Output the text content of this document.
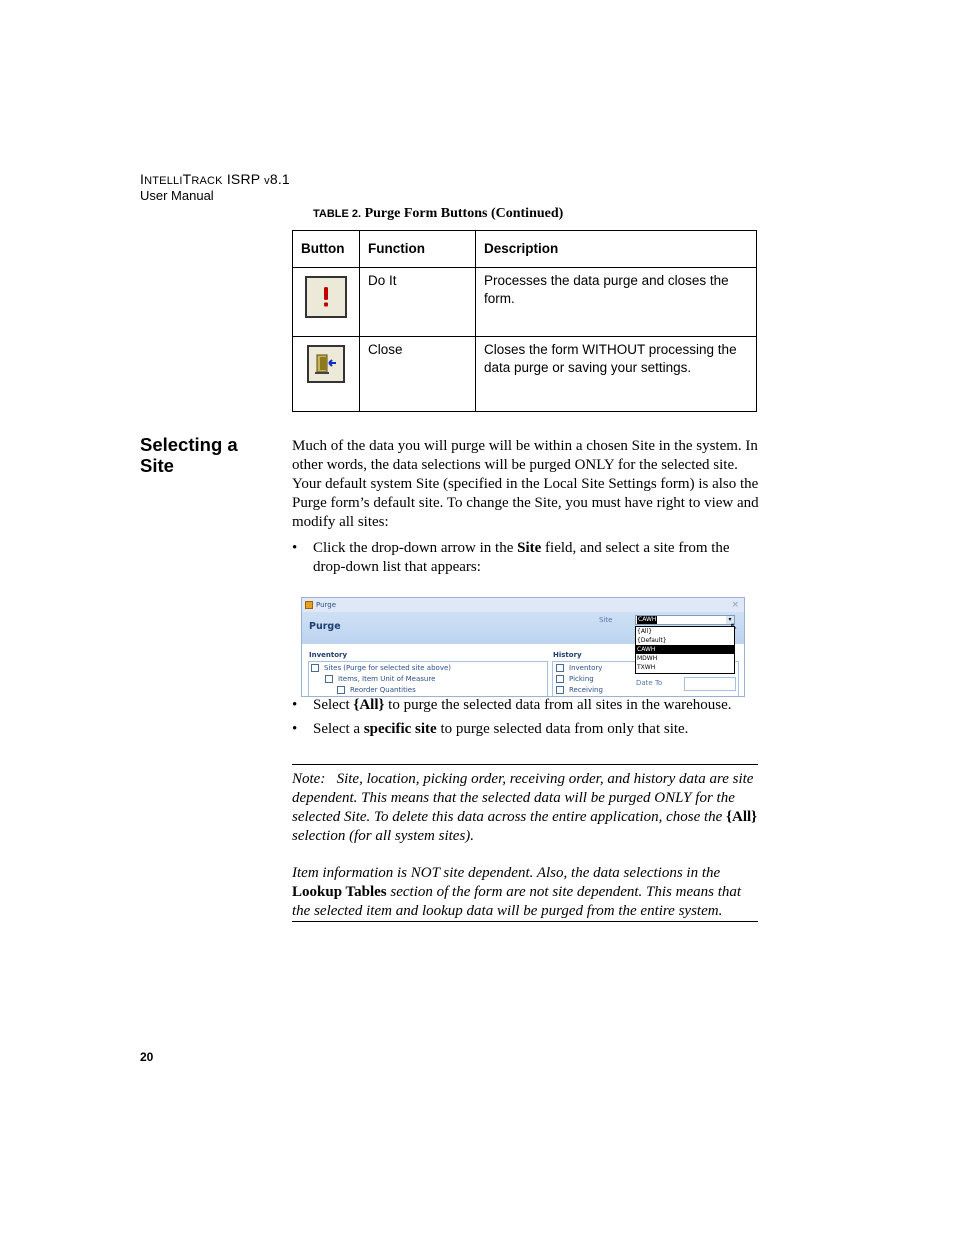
INTELLITRACK ISRP v8.1
User Manual
TABLE 2. Purge Form Buttons (Continued)
Button	Function	Description

	Do It	Processes the data purge and closes the form.

	Close	Closes the form WITHOUT processing the data purge or saving your settings.
Selecting a Site
Much of the data you will purge will be within a chosen Site in the system. In other words, the data selections will be purged ONLY for the selected site. Your default system Site (specified in the Local Site Settings form) is also the Purge form’s default site. To change the Site, you must have right to view and modify all sites:
• Click the drop-down arrow in the Site field, and select a site from the drop-down list that appears:
Purge	×
Purge
Site	CAWH	▾
{All}
{Default}
CAWH
MDWH
TXWH
↖
Inventory
Sites (Purge for selected site above)
Items, Item Unit of Measure
Reorder Quantities
History
Inventory
Picking
Receiving
Date To
• Select {All} to purge the selected data from all sites in the warehouse.
• Select a specific site to purge selected data from only that site.

Note: Site, location, picking order, receiving order, and history data are site dependent. This means that the selected data will be purged ONLY for the selected Site. To delete this data across the entire application, chose the {All} selection (for all system sites).

Item information is NOT site dependent. Also, the data selections in the Lookup Tables section of the form are not site dependent. This means that the selected item and lookup data will be purged from the entire system.

20
